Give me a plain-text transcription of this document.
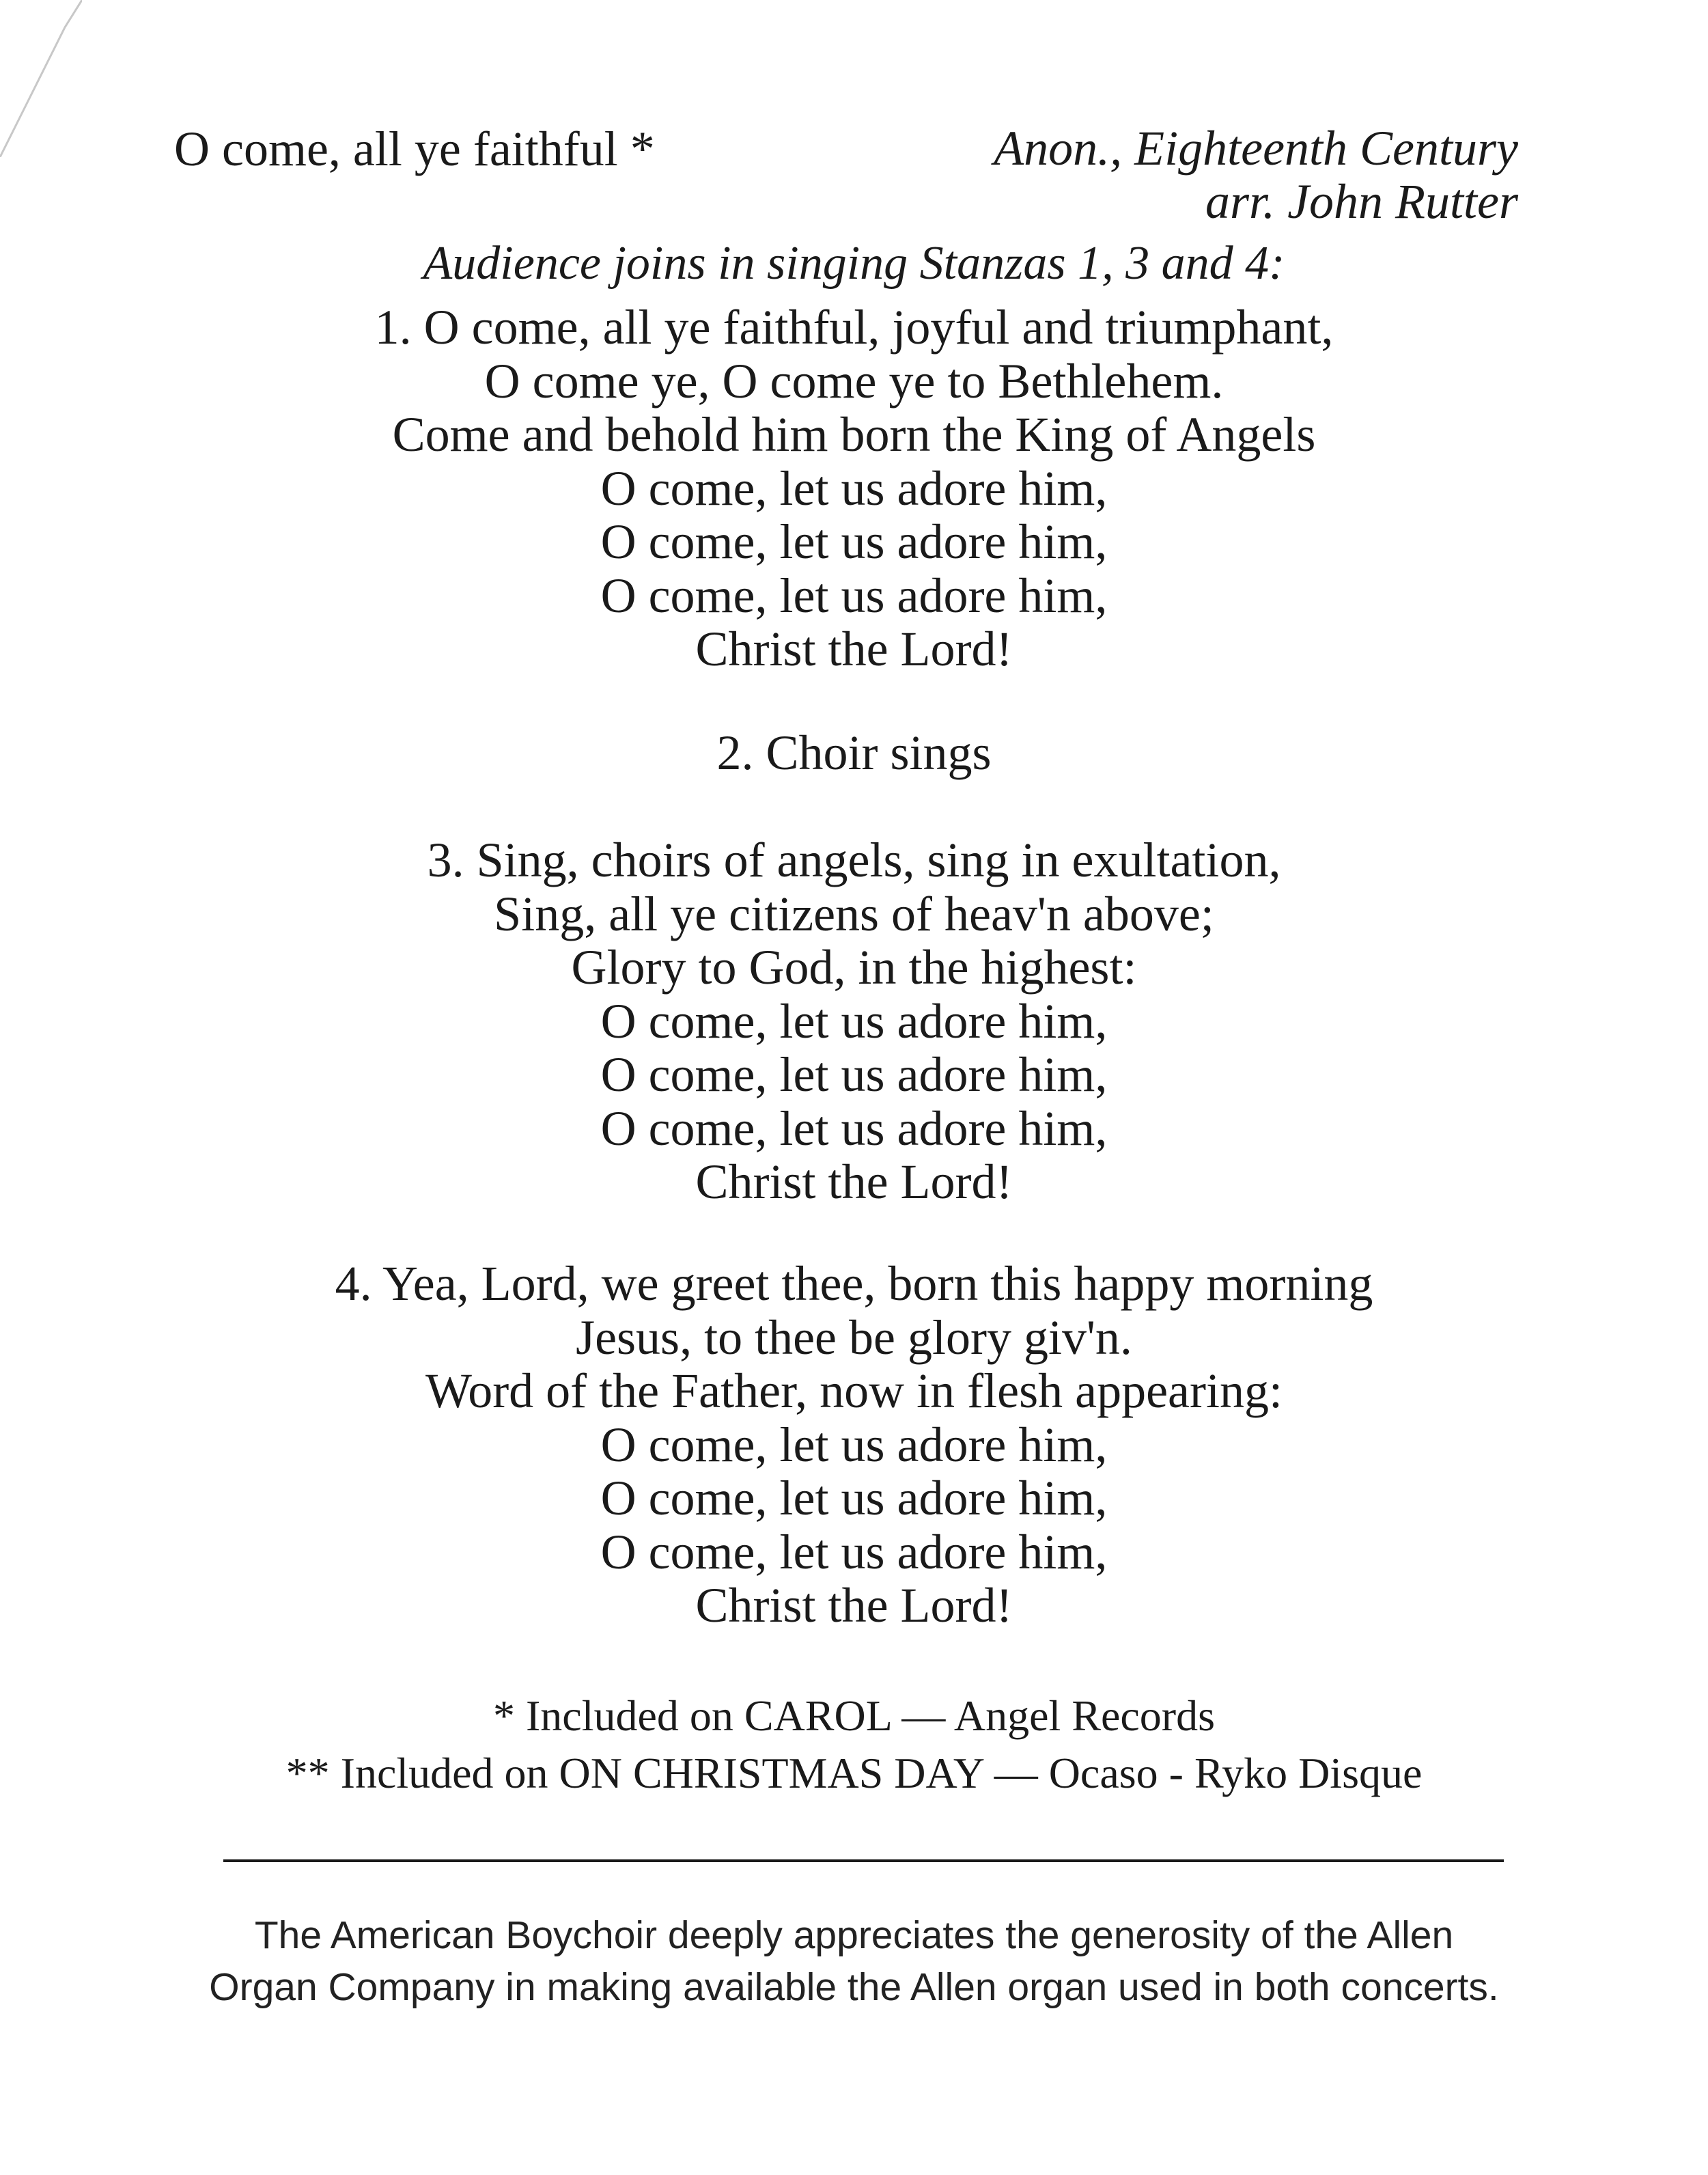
O come, all ye faithful *	Anon., Eighteenth Century
arr. John Rutter
Audience joins in singing Stanzas 1, 3 and 4:
1. O come, all ye faithful, joyful and triumphant,
O come ye, O come ye to Bethlehem.
Come and behold him born the King of Angels
O come, let us adore him,
O come, let us adore him,
O come, let us adore him,
Christ the Lord!
2. Choir sings
3. Sing, choirs of angels, sing in exultation,
Sing, all ye citizens of heav'n above;
Glory to God, in the highest:
O come, let us adore him,
O come, let us adore him,
O come, let us adore him,
Christ the Lord!
4. Yea, Lord, we greet thee, born this happy morning
Jesus, to thee be glory giv'n.
Word of the Father, now in flesh appearing:
O come, let us adore him,
O come, let us adore him,
O come, let us adore him,
Christ the Lord!
* Included on CAROL — Angel Records
** Included on ON CHRISTMAS DAY — Ocaso - Ryko Disque
The American Boychoir deeply appreciates the generosity of the Allen
Organ Company in making available the Allen organ used in both concerts.
